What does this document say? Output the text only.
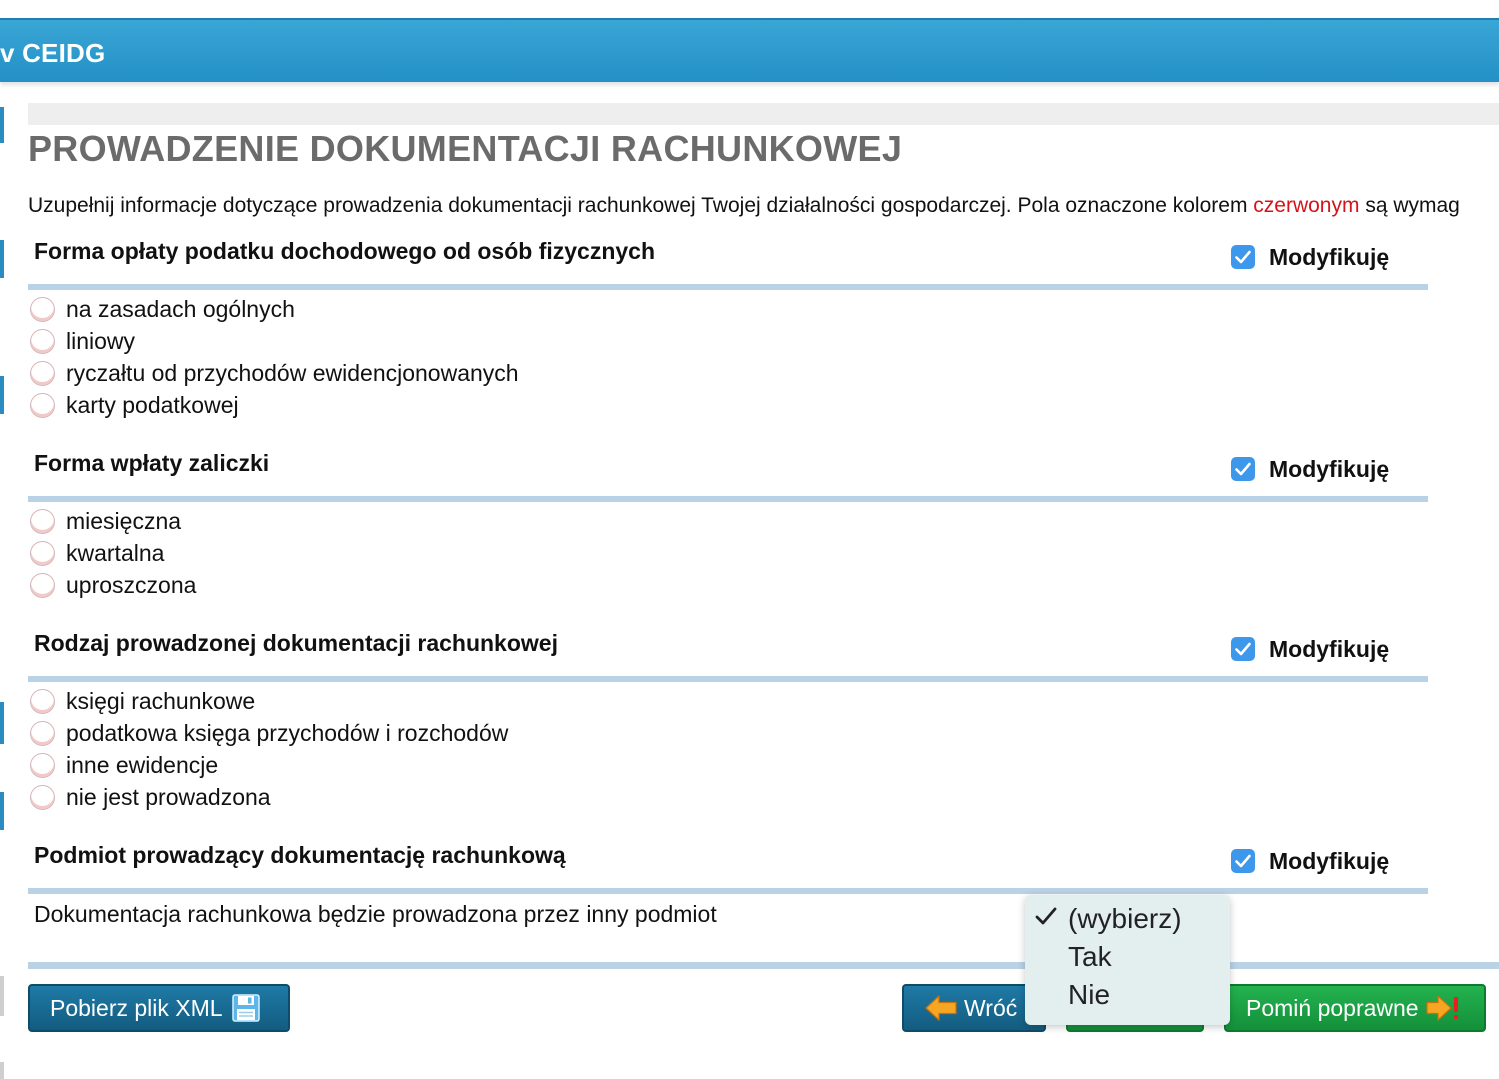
v CEIDG
PROWADZENIE DOKUMENTACJI RACHUNKOWEJ
Uzupełnij informacje dotyczące prowadzenia dokumentacji rachunkowej Twojej działalności gospodarczej. Pola oznaczone kolorem czerwonym są wymag
Forma opłaty podatku dochodowego od osób fizycznych	Modyfikuję
na zasadach ogólnych
liniowy
ryczałtu od przychodów ewidencjonowanych
karty podatkowej
Forma wpłaty zaliczki	Modyfikuję
miesięczna
kwartalna
uproszczona
Rodzaj prowadzonej dokumentacji rachunkowej	Modyfikuję
księgi rachunkowe
podatkowa księga przychodów i rozchodów
inne ewidencje
nie jest prowadzona
Podmiot prowadzący dokumentację rachunkową	Modyfikuję
Dokumentacja rachunkowa będzie prowadzona przez inny podmiot
Pobierz plik XML	Wróć	Pomiń poprawne
(wybierz)
Tak
Nie
